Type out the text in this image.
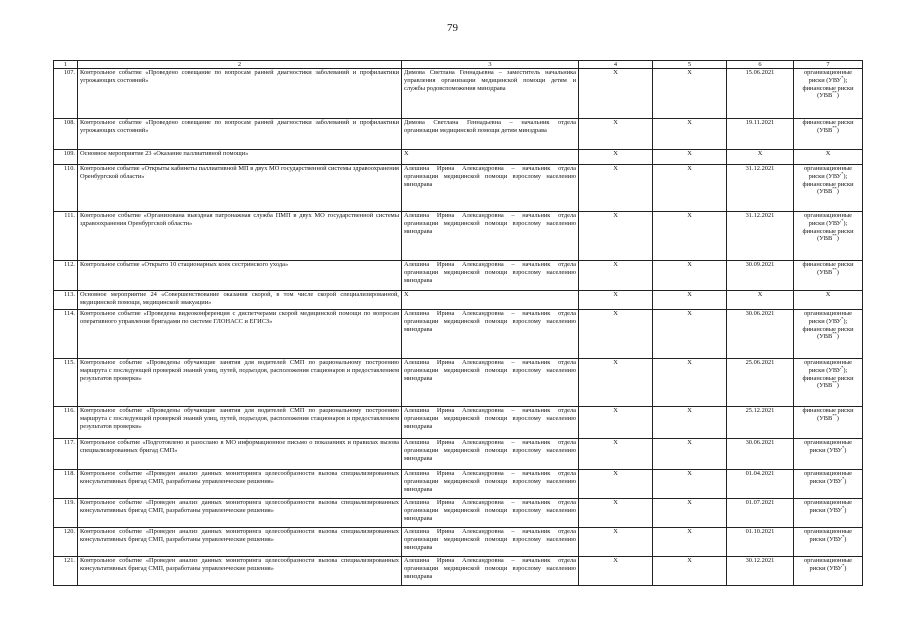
79
1	2	3	4	5	6	7
107.	Контрольное событие «Проведено совещание по вопросам ранней диагностики заболеваний и профилактики угрожающих состояний»	Димова Светлана Геннадьевна – заместитель начальника управления организации медицинской помощи детям и службы родовспоможения минздрава	X	X	15.06.2021	организационные риски (УВУ*); финансовые риски (УВВ**)
108.	Контрольное событие «Проведено совещание по вопросам ранней диагностики заболеваний и профилактики угрожающих состояний»	Димова Светлана Геннадьевна – начальник отдела организации медицинской помощи детям минздрава	X	X	19.11.2021	финансовые риски (УВВ**)
109.	Основное мероприятие 23 «Оказание паллиативной помощи»	X	X	X	X	X
110.	Контрольное событие «Открыты кабинеты паллиативной МП в двух МО государственной системы здравоохранения Оренбургской области»	Алешина Ирина Александровна – начальник отдела организации медицинской помощи взрослому населению минздрава	X	X	31.12.2021	организационные риски (УВУ*); финансовые риски (УВВ**)
111.	Контрольное событие «Организована выездная патронажная служба ПМП в двух МО государственной системы здравоохранения Оренбургской области»	Алешина Ирина Александровна – начальник отдела организации медицинской помощи взрослому населению минздрава	X	X	31.12.2021	организационные риски (УВУ*); финансовые риски (УВВ**)
112.	Контрольное событие «Открыто 10 стационарных коек сестринского ухода»	Алешина Ирина Александровна – начальник отдела организации медицинской помощи взрослому населению минздрава	X	X	30.09.2021	финансовые риски (УВВ**)
113.	Основное мероприятие 24 «Совершенствование оказания скорой, в том числе скорой специализированной, медицинской помощи, медицинской эвакуации»	X	X	X	X	X
114.	Контрольное событие «Проведена видеоконференция с диспетчерами скорой медицинской помощи по вопросам оперативного управления бригадами по системе ГЛОНАСС и ЕГИСЗ»	Алешина Ирина Александровна – начальник отдела организации медицинской помощи взрослому населению минздрава	X	X	30.06.2021	организационные риски (УВУ*); финансовые риски (УВВ**)
115.	Контрольное событие «Проведены обучающие занятия для водителей СМП по рациональному построению маршрута с последующей проверкой знаний улиц, путей, подъездов, расположения стационаров и предоставлением результатов проверки»	Алешина Ирина Александровна – начальник отдела организации медицинской помощи взрослому населению минздрава	X	X	25.06.2021	организационные риски (УВУ*); финансовые риски (УВВ**)
116.	Контрольное событие «Проведены обучающие занятия для водителей СМП по рациональному построению маршрута с последующей проверкой знаний улиц, путей, подъездов, расположения стационаров и предоставлением результатов проверки»	Алешина Ирина Александровна – начальник отдела организации медицинской помощи взрослому населению минздрава	X	X	25.12.2021	финансовые риски (УВВ**)
117.	Контрольное событие «Подготовлено и разослано в МО информационное письмо о показаниях и правилах вызова специализированных бригад СМП»	Алешина Ирина Александровна – начальник отдела организации медицинской помощи взрослому населению минздрава	X	X	30.06.2021	организационные риски (УВУ*)
118.	Контрольное событие «Проведен анализ данных мониторинга целесообразности вызова специализированных консультативных бригад СМП, разработаны управленческие решения»	Алешина Ирина Александровна – начальник отдела организации медицинской помощи взрослому населению минздрава	X	X	01.04.2021	организационные риски (УВУ*)
119.	Контрольное событие «Проведен анализ данных мониторинга целесообразности вызова специализированных консультативных бригад СМП, разработаны управленческие решения»	Алешина Ирина Александровна – начальник отдела организации медицинской помощи взрослому населению минздрава	X	X	01.07.2021	организационные риски (УВУ*)
120.	Контрольное событие «Проведен анализ данных мониторинга целесообразности вызова специализированных консультативных бригад СМП, разработаны управленческие решения»	Алешина Ирина Александровна – начальник отдела организации медицинской помощи взрослому населению минздрава	X	X	01.10.2021	организационные риски (УВУ*)
121.	Контрольное событие «Проведен анализ данных мониторинга целесообразности вызова специализированных консультативных бригад СМП, разработаны управленческие решения»	Алешина Ирина Александровна – начальник отдела организации медицинской помощи взрослому населению минздрава	X	X	30.12.2021	организационные риски (УВУ*)
